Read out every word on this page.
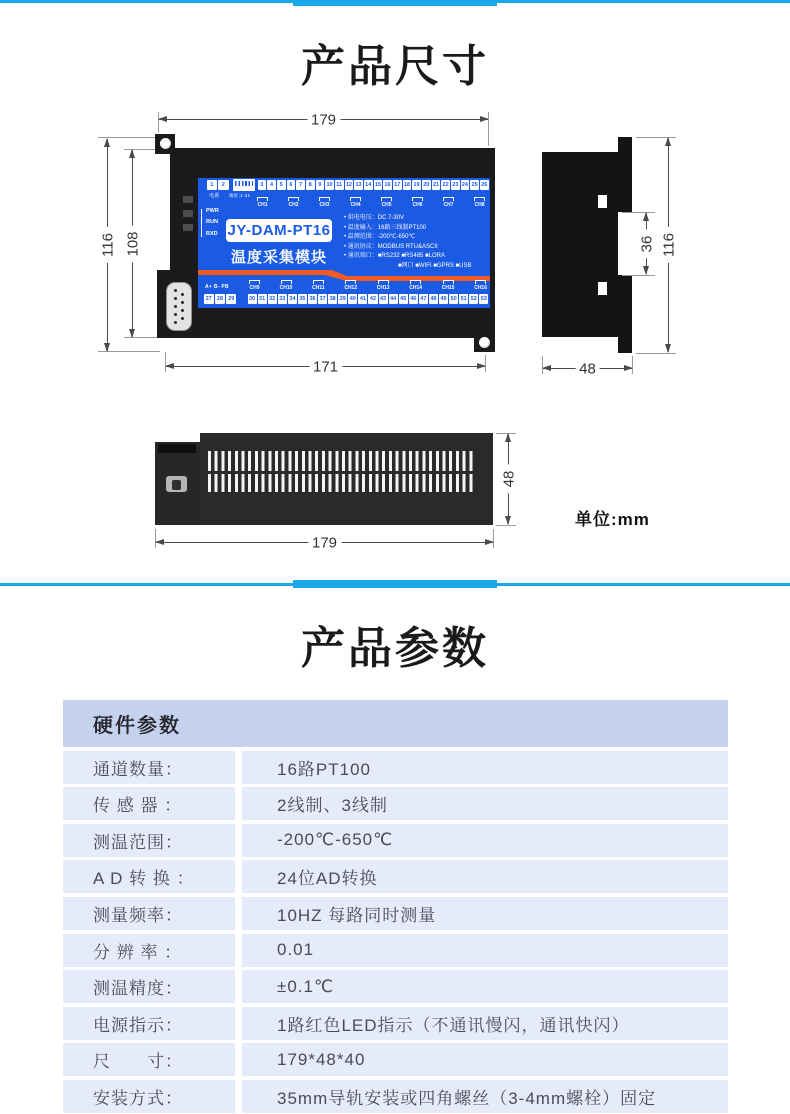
产品尺寸
179
116 108
1	2
电源 地址:1-31
3	4	5	6	7	8	9 10 11 12 13 14 15 16 17 18 19 20 21 22 23 24 25 26
CH1	CH2	CH3	CH4	CH5	CH6	CH7	CH8
PWR
RUN
RXD JY-DAM-PT16
温度采集模块
• 供电电压：DC 7-30V
• 温度输入：16路三线制PT100
• 温测范围：-200℃-650℃
• 通讯协议：MODBUS RTU&ASCII
• 通讯端口：■RS232 ■RS485 ■LORA
■网口 ■WIFI ■GPRS ■USB
A+ B- PB
27 28 29
CH9	CH10	CH11	CH12	CH13	CH14	CH15	CH16
30 31 32 33 34 35 36 37 38 39 40 41 42 43 44 45 46 47 48 49 50 51 52 53
171
36 116
48
48
179
单位:mm
产品参数
硬件参数
通道数量：	16路PT100
传 感 器 ：	2线制、3线制
测温范围：	-200℃-650℃
A D 转 换 ：	24位AD转换
测量频率：	10HZ 每路同时测量
分 辨 率 ：	0.01
测温精度：	±0.1℃
电源指示：	1路红色LED指示（不通讯慢闪，通讯快闪）
尺　　寸：	179*48*40
安装方式：	35mm导轨安装或四角螺丝（3-4mm螺栓）固定
